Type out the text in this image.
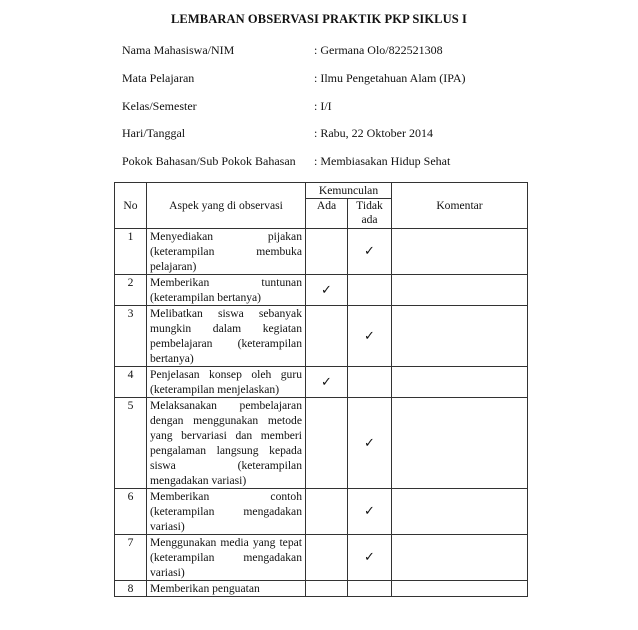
LEMBARAN OBSERVASI PRAKTIK PKP SIKLUS I
Nama Mahasiswa/NIM	: Germana Olo/822521308
Mata Pelajaran	: Ilmu Pengetahuan Alam (IPA)
Kelas/Semester	: I/I
Hari/Tanggal	: Rabu, 22 Oktober 2014
Pokok Bahasan/Sub Pokok Bahasan : Membiasakan Hidup Sehat
No	Aspek yang di observasi	Kemunculan		Komentar
		Ada	Tidak ada	
1	Menyediakan pijakan (keterampilan membuka pelajaran)		✓	
2	Memberikan tuntunan (keterampilan bertanya)	✓		
3	Melibatkan siswa sebanyak mungkin dalam kegiatan pembelajaran (keterampilan bertanya)		✓	
4	Penjelasan konsep oleh guru (keterampilan menjelaskan)	✓		
5	Melaksanakan pembelajaran dengan menggunakan metode yang bervariasi dan memberi pengalaman langsung kepada siswa (keterampilan mengadakan variasi)		✓	
6	Memberikan contoh (keterampilan mengadakan variasi)		✓	
7	Menggunakan media yang tepat (keterampilan mengadakan variasi)		✓	
8	Memberikan penguatan			
